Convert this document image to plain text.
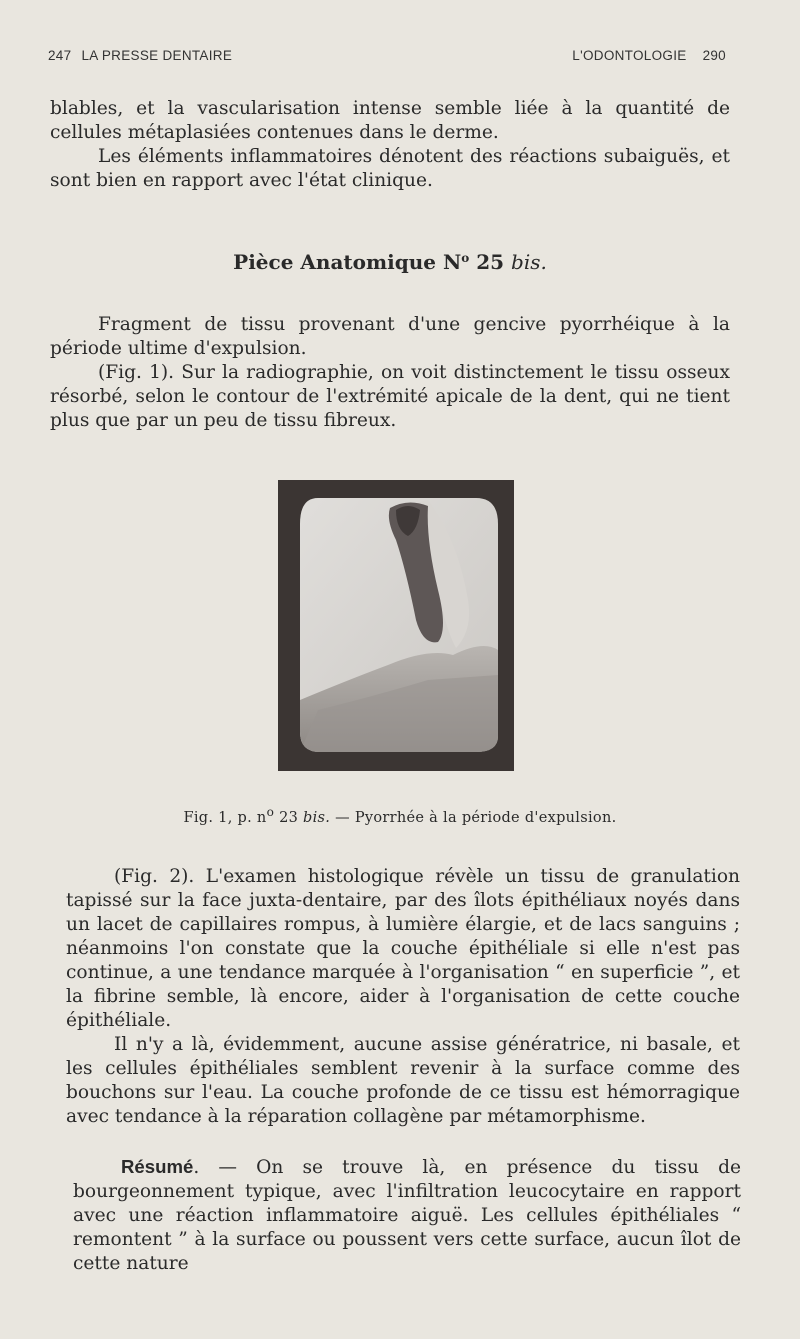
247 LA PRESSE DENTAIRE	L'ODONTOLOGIE 290

blables, et la vascularisation intense semble liée à la quantité de cellules métaplasiées contenues dans le derme.

Les éléments inflammatoires dénotent des réactions subaiguës, et sont bien en rapport avec l'état clinique.

Pièce Anatomique $N^o$ 25 bis.

Fragment de tissu provenant d'une gencive pyorrhéique à la période ultime d'expulsion.

(Fig. 1). Sur la radiographie, on voit distinctement le tissu osseux résorbé, selon le contour de l'extrémité apicale de la dent, qui ne tient plus que par un peu de tissu fibreux.

Fig. 1, p. $n^o$ 23 bis. — Pyorrhée à la période d'expulsion.

(Fig. 2). L'examen histologique révèle un tissu de granulation tapissé sur la face juxta-dentaire, par des îlots épithéliaux noyés dans un lacet de capillaires rompus, à lumière élargie, et de lacs sanguins ; néanmoins l'on constate que la couche épithéliale si elle n'est pas continue, a une tendance marquée à l'organisation “ en superficie ”, et la fibrine semble, là encore, aider à l'organisation de cette couche épithéliale.

Il n'y a là, évidemment, aucune assise génératrice, ni basale, et les cellules épithéliales semblent revenir à la surface comme des bouchons sur l'eau. La couche profonde de ce tissu est hémorragique avec tendance à la réparation collagène par métamorphisme.

Résumé. — On se trouve là, en présence du tissu de bourgeonnement typique, avec l'infiltration leucocytaire en rapport avec une réaction inflammatoire aiguë. Les cellules épithéliales “ remontent ” à la surface ou poussent vers cette surface, aucun îlot de cette nature
